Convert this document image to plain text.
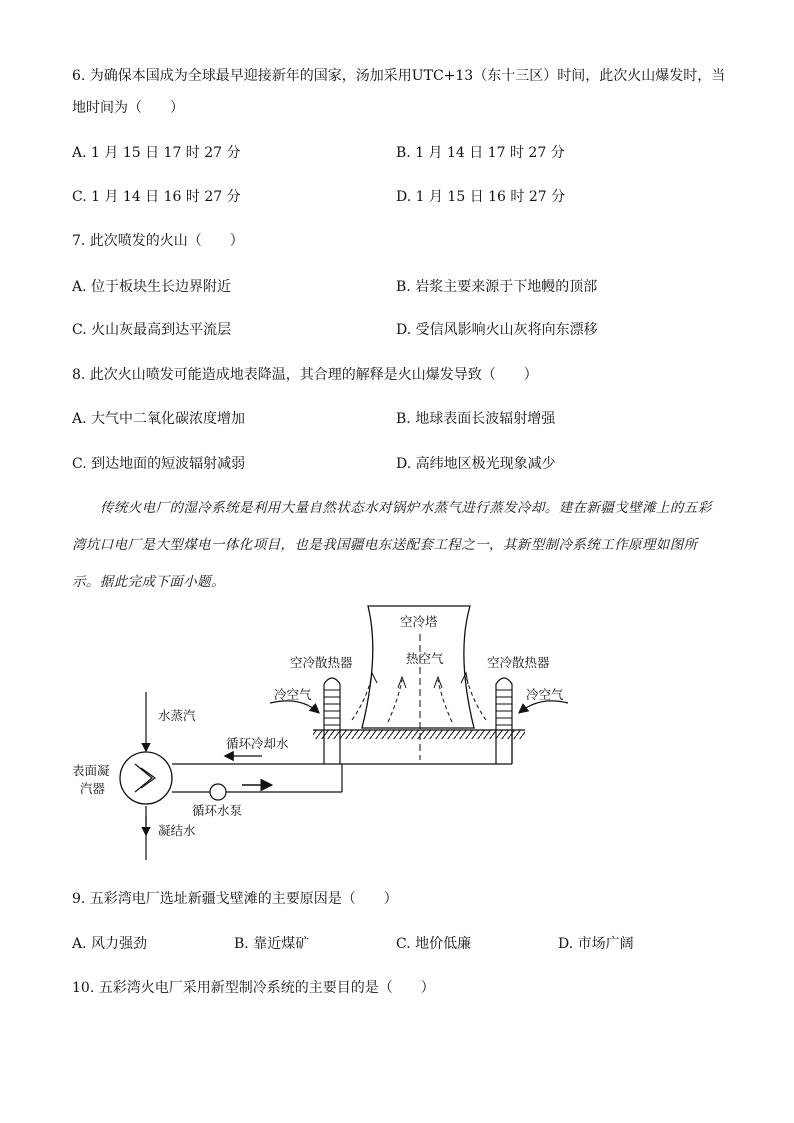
6. 为确保本国成为全球最早迎接新年的国家，汤加采用UTC+13（东十三区）时间，此次火山爆发时，当
地时间为（　　）
A. 1 月 15 日 17 时 27 分	B. 1 月 14 日 17 时 27 分
C. 1 月 14 日 16 时 27 分	D. 1 月 15 日 16 时 27 分
7. 此次喷发的火山（　　）
A. 位于板块生长边界附近	B. 岩浆主要来源于下地幔的顶部
C. 火山灰最高到达平流层	D. 受信风影响火山灰将向东漂移
8. 此次火山喷发可能造成地表降温，其合理的解释是火山爆发导致（　　）
A. 大气中二氧化碳浓度增加	B. 地球表面长波辐射增强
C. 到达地面的短波辐射减弱	D. 高纬地区极光现象减少

传统火电厂的湿冷系统是利用大量自然状态水对锅炉水蒸气进行蒸发冷却。建在新疆戈壁滩上的五彩

湾坑口电厂是大型煤电一体化项目，也是我国疆电东送配套工程之一，其新型制冷系统工作原理如图所

示。据此完成下面小题。

空冷塔
热空气
空冷散热器	空冷散热器
冷空气	冷空气
水蒸汽
循环冷却水
表面凝
汽器
循环水泵
凝结水
9. 五彩湾电厂选址新疆戈壁滩的主要原因是（　　）
A. 风力强劲	B. 靠近煤矿	C. 地价低廉	D. 市场广阔
10. 五彩湾火电厂采用新型制冷系统的主要目的是（　　）
